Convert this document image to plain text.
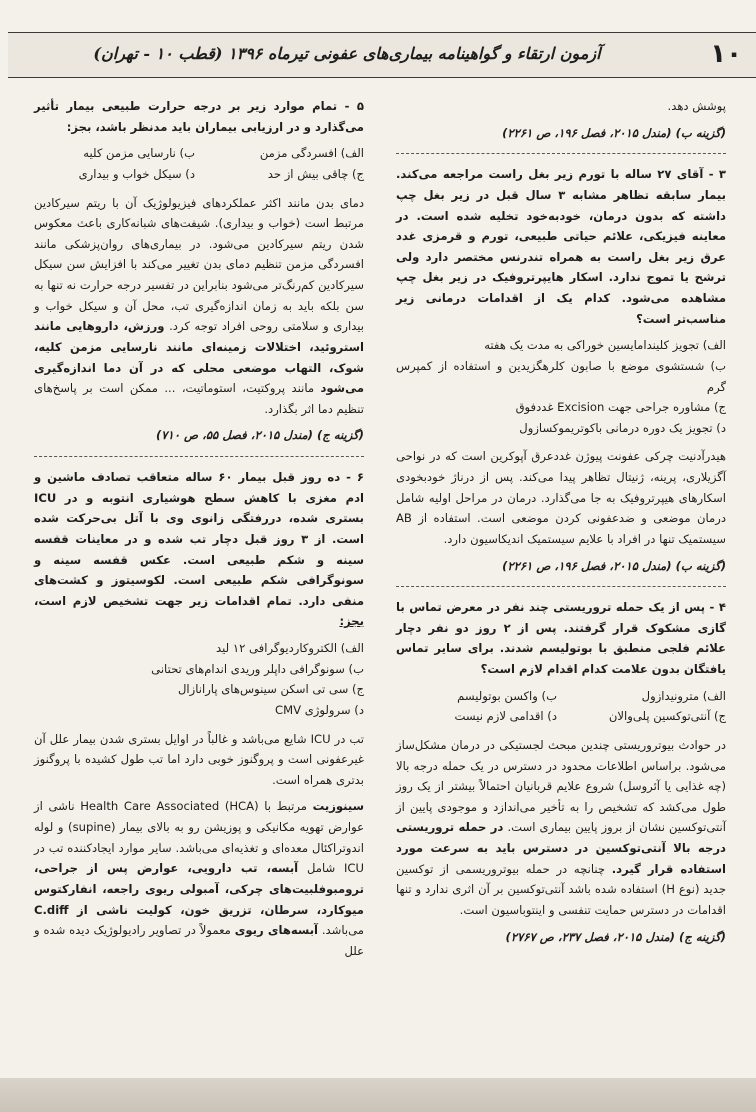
۱۰
آزمون ارتقاء و گواهینامه بیماری‌های عفونی تیرماه ۱۳۹۶ (قطب ۱۰ - تهران)

پوشش دهد.

(گزینه ب) (مندل ۲۰۱۵، فصل ۱۹۶، ص ۲۲۶۱)

۳ - آقای ۲۷ ساله با تورم زیر بغل راست مراجعه می‌کند. بیمار سابقه تظاهر مشابه ۳ سال قبل در زیر بغل چپ داشته که بدون درمان، خودبه‌خود تخلیه شده است. در معاینه فیزیکی، علائم حیاتی طبیعی، تورم و قرمزی غدد عرق زیر بغل راست به همراه تندرنس مختصر دارد ولی ترشح یا تموج ندارد. اسکار هایپرتروفیک در زیر بغل چپ مشاهده می‌شود. کدام یک از اقدامات درمانی زیر مناسب‌تر است؟

الف) تجویز کلیندامایسین خوراکی به مدت یک هفته
ب) شستشوی موضع با صابون کلرهگزیدین و استفاده از کمپرس گرم
ج) مشاوره جراحی جهت Excision غددفوق
د) تجویز یک دوره درمانی باکوتریموکسازول

هیدرآدنیت چرکی عفونت پیوژن غددعرق آپوکرین است که در نواحی آگزیلاری، پرینه، ژنیتال تظاهر پیدا می‌کند. پس از درناژ خودبخودی اسکارهای هیپرتروفیک به جا می‌گذارد. درمان در مراحل اولیه شامل درمان موضعی و ضدعفونی کردن موضعی است. استفاده از AB سیستمیک تنها در افراد با علایم سیستمیک اندیکاسیون دارد.

(گزینه ب) (مندل ۲۰۱۵، فصل ۱۹۶، ص ۲۲۶۱)

۴ - پس از یک حمله تروریستی چند نفر در معرض تماس با گازی مشکوک قرار گرفتند. پس از ۲ روز دو نفر دچار علائم فلجی منطبق با بوتولیسم شدند. برای سایر تماس یافتگان بدون علامت کدام اقدام لازم است؟

الف) مترونیدازول
ب) واکسن بوتولیسم
ج) آنتی‌توکسین پلی‌والان
د) اقدامی لازم نیست

در حوادث بیوتروریستی چندین مبحث لجستیکی در درمان مشکل‌ساز می‌شود. براساس اطلاعات محدود در دسترس در یک حمله درجه بالا (چه غذایی یا آئروسل) شروع علایم قربانیان احتمالاً بیشتر از یک روز طول می‌کشد که تشخیص را به تأخیر می‌اندازد و موجودی پایین از آنتی‌توکسین نشان از بروز پایین بیماری است. در حمله تروریستی درجه بالا آنتی‌توکسین در دسترس باید به سرعت مورد استفاده قرار گیرد. چنانچه در حمله بیوتروریسمی از توکسین جدید (نوع H) استفاده شده باشد آنتی‌توکسین بر آن اثری ندارد و تنها اقدامات در دسترس حمایت تنفسی و اینتوباسیون است.

(گزینه ج) (مندل ۲۰۱۵، فصل ۲۳۷، ص ۲۷۶۷)

۵ - تمام موارد زیر بر درجه حرارت طبیعی بیمار تأثیر می‌گذارد و در ارزیابی بیماران باید مدنظر باشد، بجز:

الف) افسردگی مزمن
ب) نارسایی مزمن کلیه
ج) چاقی بیش از حد
د) سیکل خواب و بیداری

دمای بدن مانند اکثر عملکردهای فیزیولوژیک آن با ریتم سیرکادین مرتبط است (خواب و بیداری). شیفت‌های شبانه‌کاری باعث معکوس شدن ریتم سیرکادین می‌شود. در بیماری‌های روان‌پزشکی مانند افسردگی مزمن تنظیم دمای بدن تغییر می‌کند با افزایش سن سیکل سیرکادین کم‌رنگ‌تر می‌شود بنابراین در تفسیر درجه حرارت نه تنها به سن بلکه باید به زمان اندازه‌گیری تب، محل آن و سیکل خواب و بیداری و سلامتی روحی افراد توجه کرد. ورزش، داروهایی مانند استروئید، اختلالات زمینه‌ای مانند نارسایی مزمن کلیه، شوک، التهاب موضعی محلی که در آن دما اندازه‌گیری می‌شود مانند پروکتیت، استوماتیت، ... ممکن است بر پاسخ‌های تنظیم دما اثر بگذارد.

(گزینه ج) (مندل ۲۰۱۵، فصل ۵۵، ص ۷۱۰)

۶ - ده روز قبل بیمار ۶۰ ساله متعاقب تصادف ماشین و ادم مغزی با کاهش سطح هوشیاری انتوبه و در ICU بستری شده، دررفتگی زانوی وی با آتل بی‌حرکت شده است. از ۳ روز قبل دچار تب شده و در معاینات قفسه سینه و شکم طبیعی است. عکس قفسه سینه و سونوگرافی شکم طبیعی است. لکوسیتوز و کشت‌های منفی دارد. تمام اقدامات زیر جهت تشخیص لازم است، بجز:

الف) الکتروکاردیوگرافی ۱۲ لید
ب) سونوگرافی داپلر وریدی اندام‌های تحتانی
ج) سی تی اسکن سینوس‌های پارانازال
د) سرولوژی CMV

تب در ICU شایع می‌باشد و غالباً در اوایل بستری شدن بیمار علل آن غیرعفونی است و پروگنوز خوبی دارد اما تب طول کشیده با پروگنوز بدتری همراه است.

سینوزیت مرتبط با Health Care Associated (HCA) ناشی از عوارض تهویه مکانیکی و پوزیشن رو به بالای بیمار (supine) و لوله اندوتراکئال معده‌ای و تغذیه‌ای می‌باشد. سایر موارد ایجادکننده تب در ICU شامل آبسه، تب دارویی، عوارض پس از جراحی، ترومبوفلبیت‌های چرکی، آمبولی ریوی راجعه، انفارکتوس میوکارد، سرطان، تزریق خون، کولیت ناشی از C.diff می‌باشد. آبسه‌های ریوی معمولاً در تصاویر رادیولوژیک دیده شده و علل
